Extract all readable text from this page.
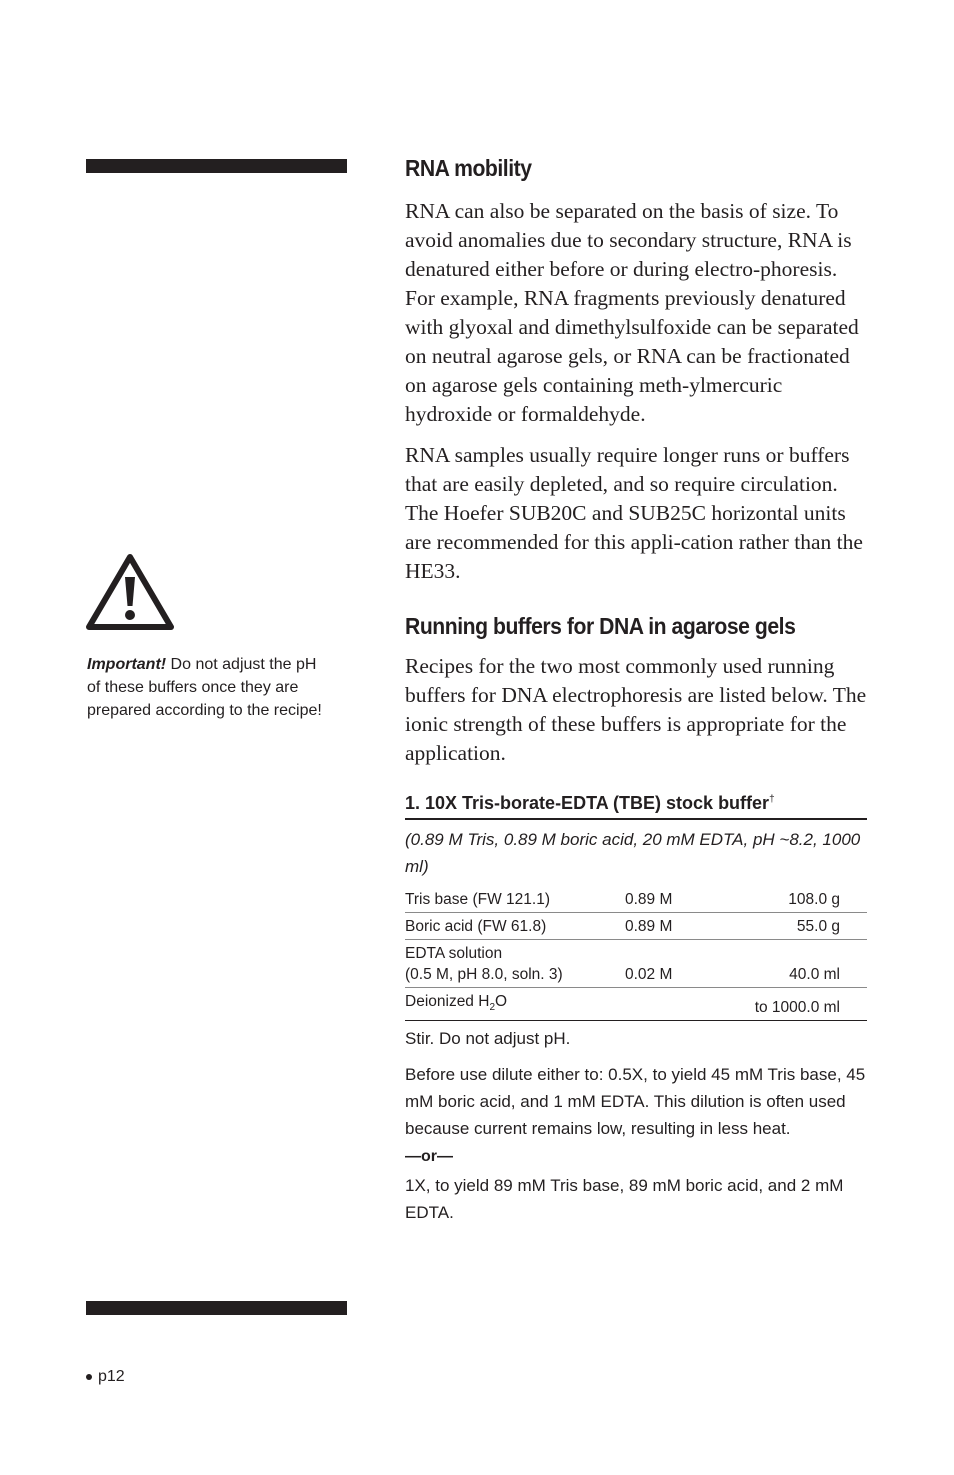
Important! Do not adjust the pH of these buffers once they are prepared according to the recipe!
RNA mobility

RNA can also be separated on the basis of size. To avoid anomalies due to secondary structure, RNA is denatured either before or during electro-phoresis. For example, RNA fragments previously denatured with glyoxal and dimethylsulfoxide can be separated on neutral agarose gels, or RNA can be fractionated on agarose gels containing meth-ylmercuric hydroxide or formaldehyde.

RNA samples usually require longer runs or buffers that are easily depleted, and so require circulation. The Hoefer SUB20C and SUB25C horizontal units are recommended for this appli-cation rather than the HE33.

Running buffers for DNA in agarose gels

Recipes for the two most commonly used running buffers for DNA electrophoresis are listed below. The ionic strength of these buffers is appropriate for the application.

1. 10X Tris-borate-EDTA (TBE) stock buffer†

(0.89 M Tris, 0.89 M boric acid, 20 mM EDTA, pH ~8.2, 1000 ml)

Tris base (FW 121.1)	0.89 M	108.0 g
Boric acid (FW 61.8)	0.89 M	55.0 g

EDTA solution
(0.5 M, pH 8.0, soln. 3)	0.02 M	40.0 ml
Deionized $H_2O$		to 1000.0 ml

Stir. Do not adjust pH.

Before use dilute either to: 0.5X, to yield 45 mM Tris base, 45 mM boric acid, and 1 mM EDTA. This dilution is often used because current remains low, resulting in less heat.

—or—

1X, to yield 89 mM Tris base, 89 mM boric acid, and 2 mM EDTA.

p12
